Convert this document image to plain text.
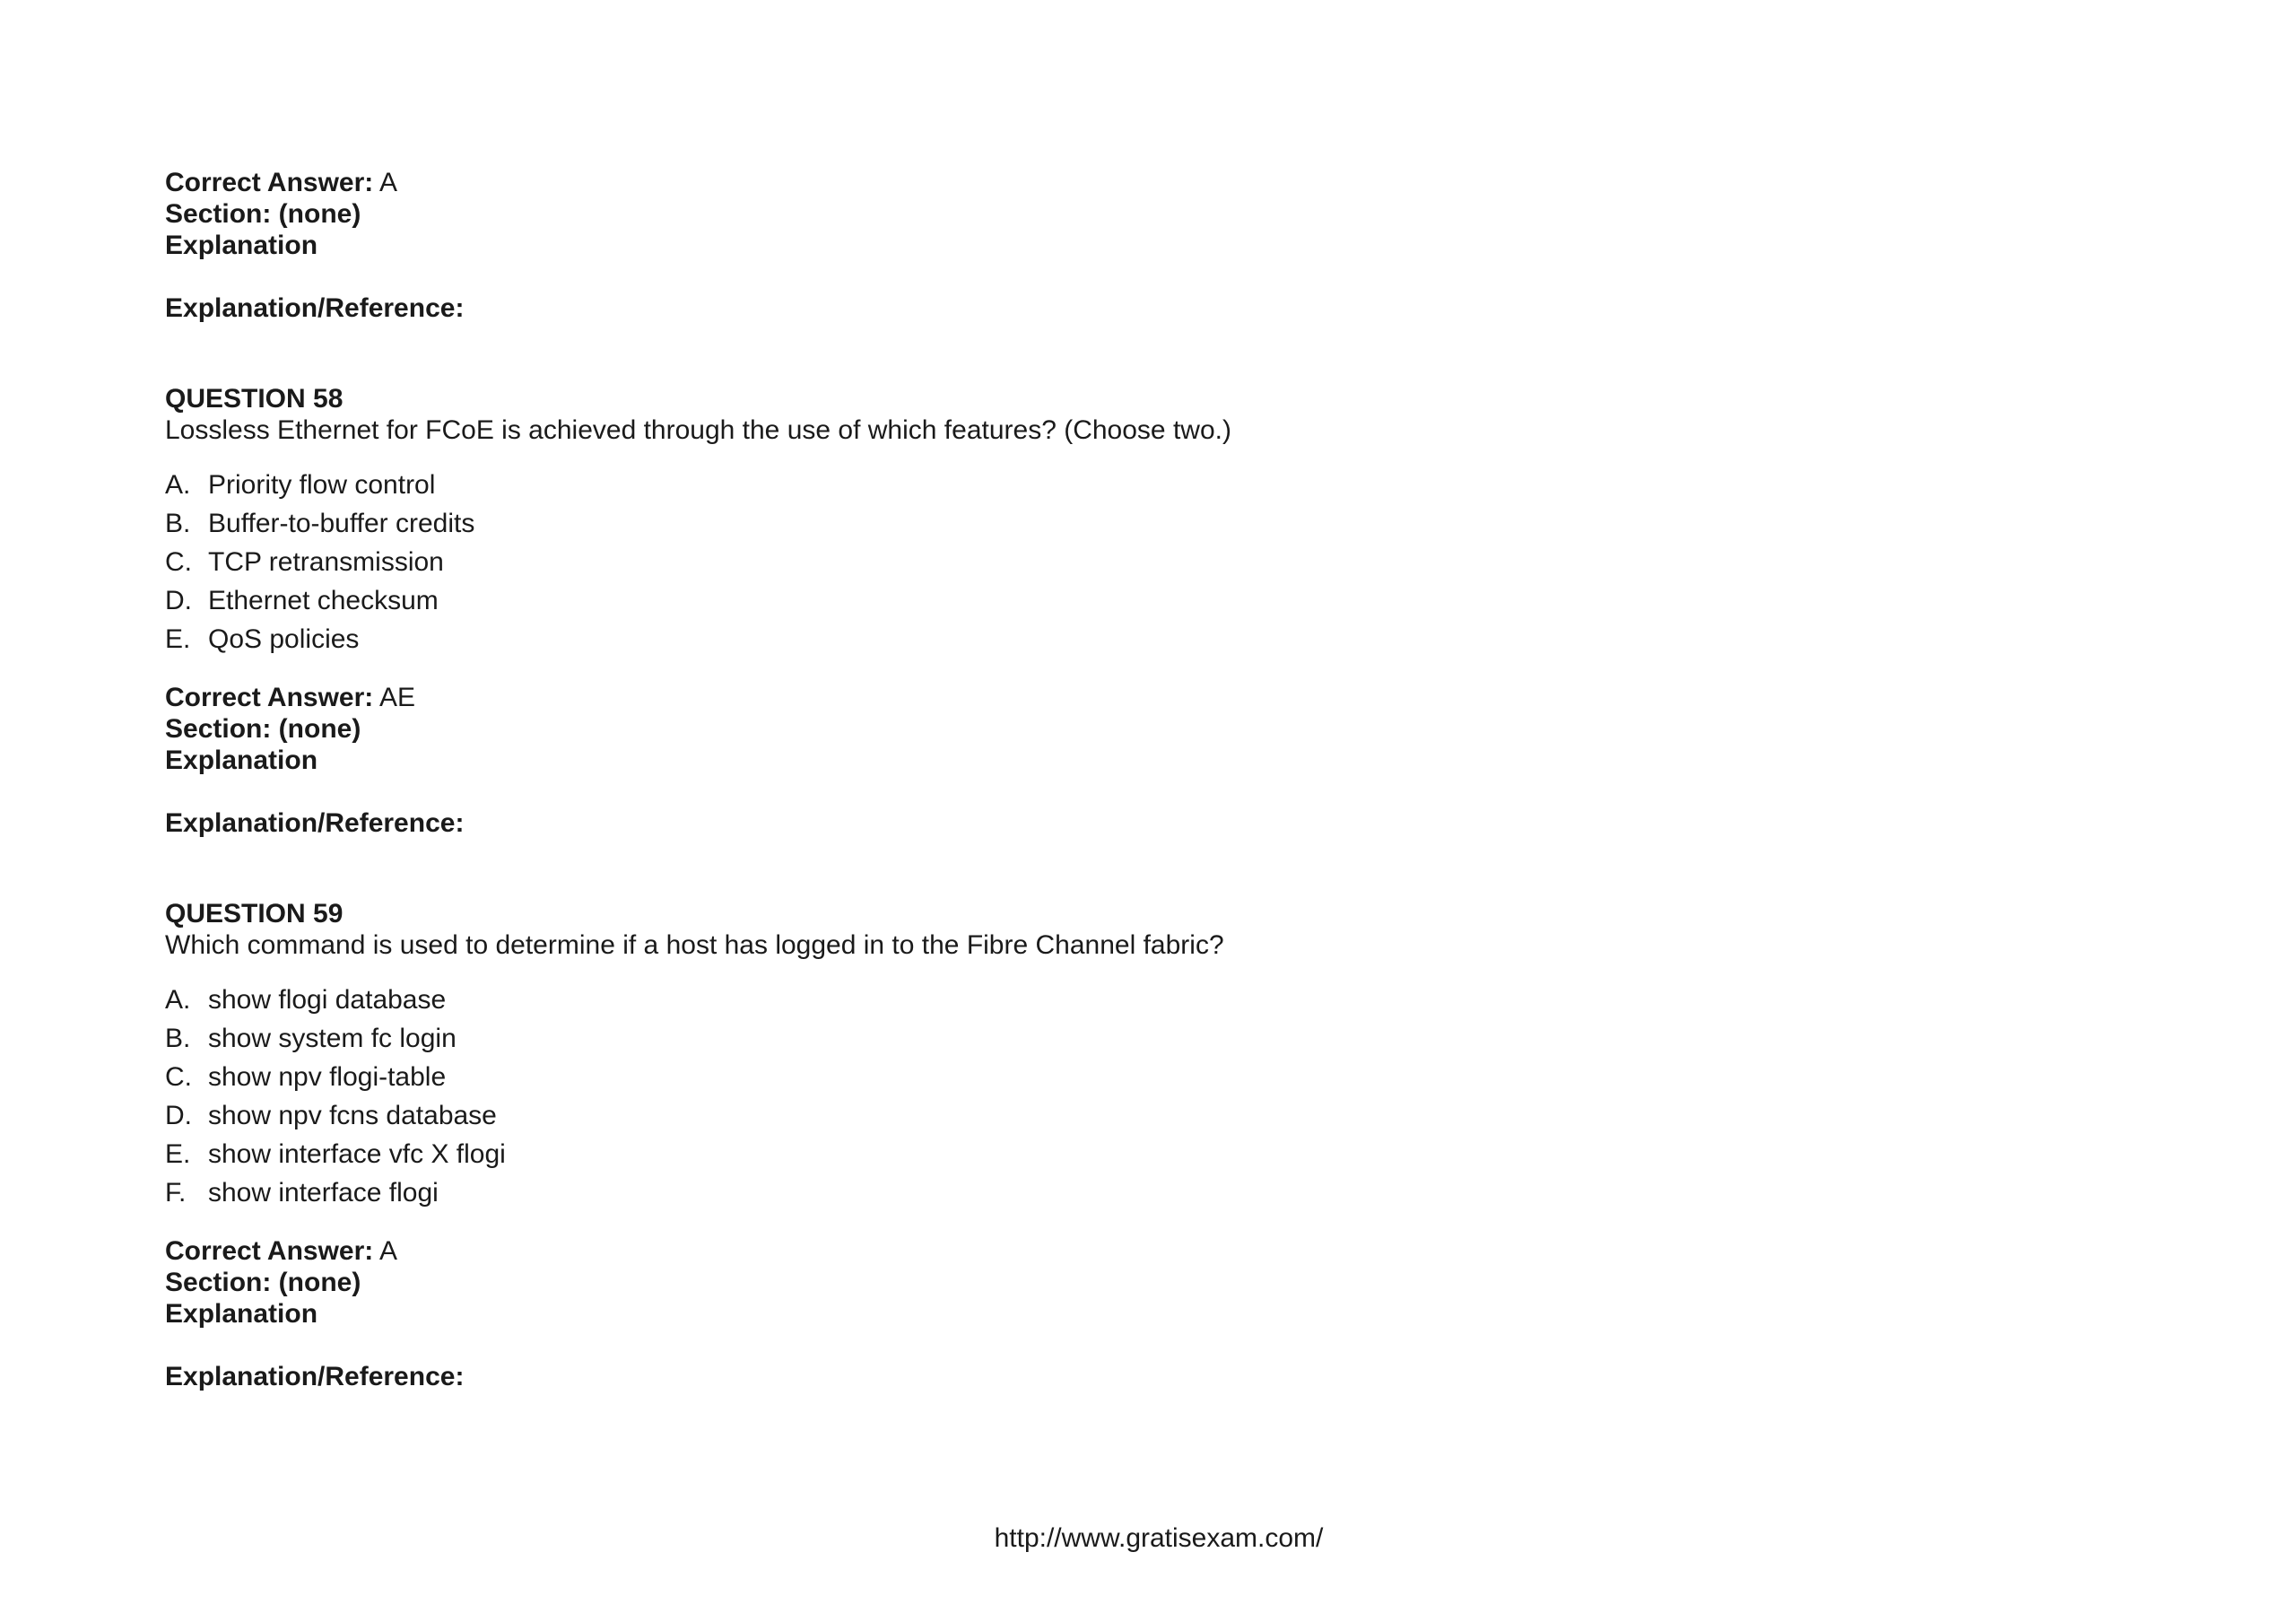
Correct Answer: A
Section: (none)
Explanation
Explanation/Reference:
QUESTION 58
Lossless Ethernet for FCoE is achieved through the use of which features? (Choose two.)
A. Priority flow control
B. Buffer-to-buffer credits
C. TCP retransmission
D. Ethernet checksum
E. QoS policies
Correct Answer: AE
Section: (none)
Explanation
Explanation/Reference:
QUESTION 59
Which command is used to determine if a host has logged in to the Fibre Channel fabric?
A. show flogi database
B. show system fc login
C. show npv flogi-table
D. show npv fcns database
E. show interface vfc X flogi
F. show interface flogi
Correct Answer: A
Section: (none)
Explanation
Explanation/Reference:
http://www.gratisexam.com/
